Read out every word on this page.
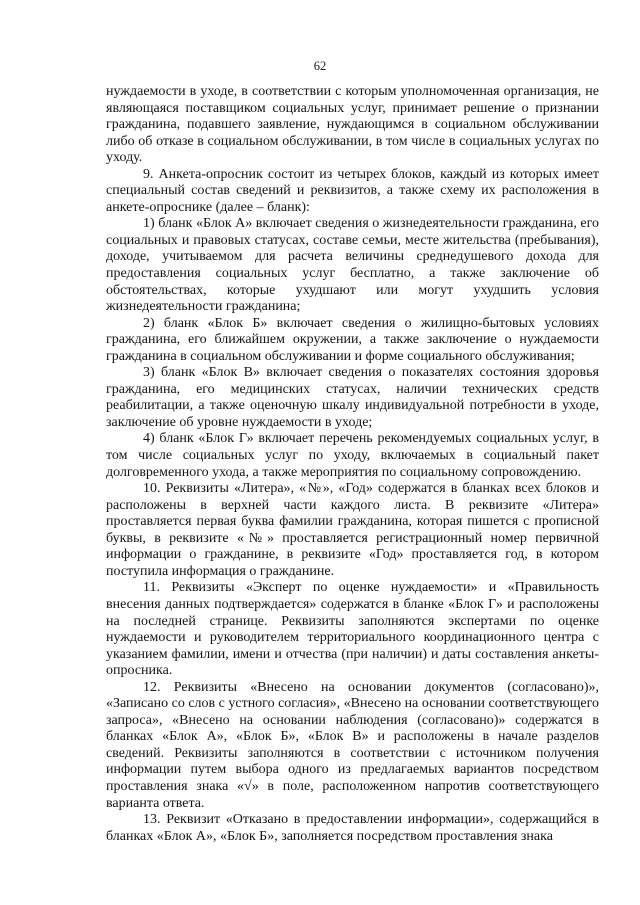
62

нуждаемости в уходе, в соответствии с которым уполномоченная организация, не являющаяся поставщиком социальных услуг, принимает решение о признании гражданина, подавшего заявление, нуждающимся в социальном обслуживании либо об отказе в социальном обслуживании, в том числе в социальных услугах по уходу.

9. Анкета-опросник состоит из четырех блоков, каждый из которых имеет специальный состав сведений и реквизитов, а также схему их расположения в анкете-опроснике (далее – бланк):

1) бланк «Блок А» включает сведения о жизнедеятельности гражданина, его социальных и правовых статусах, составе семьи, месте жительства (пребывания), доходе, учитываемом для расчета величины среднедушевого дохода для предоставления социальных услуг бесплатно, а также заключение об обстоятельствах, которые ухудшают или могут ухудшить условия жизнедеятельности гражданина;

2) бланк «Блок Б» включает сведения о жилищно-бытовых условиях гражданина, его ближайшем окружении, а также заключение о нуждаемости гражданина в социальном обслуживании и форме социального обслуживания;

3) бланк «Блок В» включает сведения о показателях состояния здоровья гражданина, его медицинских статусах, наличии технических средств реабилитации, а также оценочную шкалу индивидуальной потребности в уходе, заключение об уровне нуждаемости в уходе;

4) бланк «Блок Г» включает перечень рекомендуемых социальных услуг, в том числе социальных услуг по уходу, включаемых в социальный пакет долговременного ухода, а также мероприятия по социальному сопровождению.

10. Реквизиты «Литера», «№», «Год» содержатся в бланках всех блоков и расположены в верхней части каждого листа. В реквизите «Литера» проставляется первая буква фамилии гражданина, которая пишется с прописной буквы, в реквизите «№» проставляется регистрационный номер первичной информации о гражданине, в реквизите «Год» проставляется год, в котором поступила информация о гражданине.

11. Реквизиты «Эксперт по оценке нуждаемости» и «Правильность внесения данных подтверждается» содержатся в бланке «Блок Г» и расположены на последней странице. Реквизиты заполняются экспертами по оценке нуждаемости и руководителем территориального координационного центра с указанием фамилии, имени и отчества (при наличии) и даты составления анкеты-опросника.

12. Реквизиты «Внесено на основании документов (согласовано)», «Записано со слов с устного согласия», «Внесено на основании соответствующего запроса», «Внесено на основании наблюдения (согласовано)» содержатся в бланках «Блок А», «Блок Б», «Блок В» и расположены в начале разделов сведений. Реквизиты заполняются в соответствии с источником получения информации путем выбора одного из предлагаемых вариантов посредством проставления знака «√» в поле, расположенном напротив соответствующего варианта ответа.

13. Реквизит «Отказано в предоставлении информации», содержащийся в бланках «Блок А», «Блок Б», заполняется посредством проставления знака
